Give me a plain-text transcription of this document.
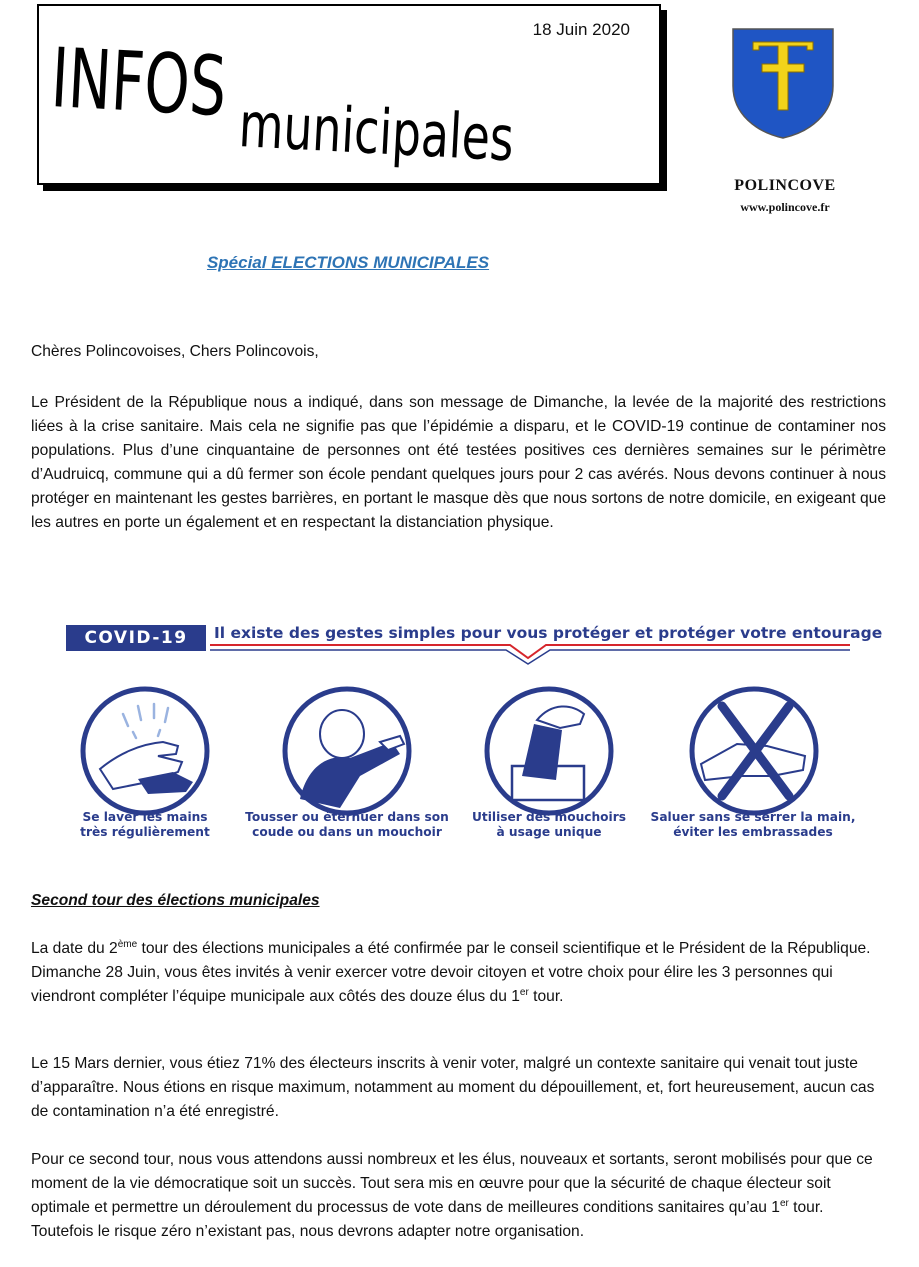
INFOS
municipales
18 Juin 2020
POLINCOVE
www.polincove.fr
Spécial ELECTIONS MUNICIPALES
Chères Polincovoises, Chers Polincovois,

Le Président de la République nous a indiqué, dans son message de Dimanche, la levée de la majorité des restrictions liées à la crise sanitaire. Mais cela ne signifie pas que l’épidémie a disparu, et le COVID-19 continue de contaminer nos populations. Plus d’une cinquantaine de personnes ont été testées positives ces dernières semaines sur le périmètre d’Audruicq, commune qui a dû fermer son école pendant quelques jours pour 2 cas avérés. Nous devons continuer à nous protéger en maintenant les gestes barrières, en portant le masque dès que nous sortons de notre domicile, en exigeant que les autres en porte un également et en respectant la distanciation physique.

COVID-19	Il existe des gestes simples pour vous protéger et protéger votre entourage
Se laver les mains
très régulièrement
Tousser ou éternuer dans son
coude ou dans un mouchoir
Utiliser des mouchoirs
à usage unique
Saluer sans se serrer la main,
éviter les embrassades
Second tour des élections municipales
La date du 2ème tour des élections municipales a été confirmée par le conseil scientifique et le Président de la République.
Dimanche 28 Juin, vous êtes invités à venir exercer votre devoir citoyen et votre choix pour élire les 3 personnes qui viendront compléter l’équipe municipale aux côtés des douze élus du 1er tour.
Le 15 Mars dernier, vous étiez 71% des électeurs inscrits à venir voter, malgré un contexte sanitaire qui venait tout juste d’apparaître. Nous étions en risque maximum, notamment au moment du dépouillement, et, fort heureusement, aucun cas de contamination n’a été enregistré.
Pour ce second tour, nous vous attendons aussi nombreux et les élus, nouveaux et sortants, seront mobilisés pour que ce moment de la vie démocratique soit un succès. Tout sera mis en œuvre pour que la sécurité de chaque électeur soit optimale et permettre un déroulement du processus de vote dans de meilleures conditions sanitaires qu’au 1er tour.
Toutefois le risque zéro n’existant pas, nous devrons adapter notre organisation.
